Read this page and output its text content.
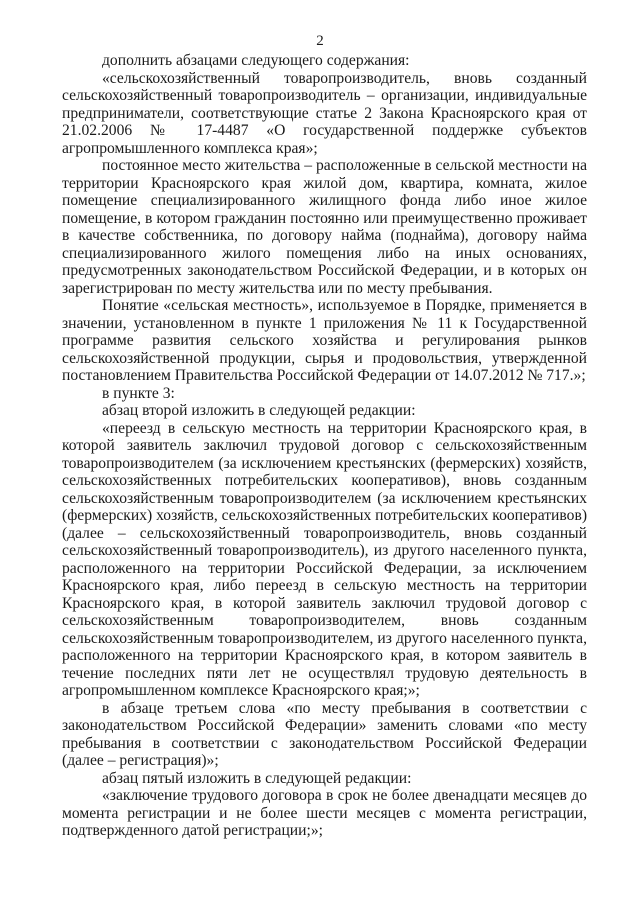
2

дополнить абзацами следующего содержания:

«сельскохозяйственный товаропроизводитель, вновь созданный сельскохозяйственный товаропроизводитель – организации, индивидуальные предприниматели, соответствующие статье 2 Закона Красноярского края от 21.02.2006 № 17-4487 «О государственной поддержке субъектов агропромышленного комплекса края»;

постоянное место жительства – расположенные в сельской местности на территории Красноярского края жилой дом, квартира, комната, жилое помещение специализированного жилищного фонда либо иное жилое помещение, в котором гражданин постоянно или преимущественно проживает в качестве собственника, по договору найма (поднайма), договору найма специализированного жилого помещения либо на иных основаниях, предусмотренных законодательством Российской Федерации, и в которых он зарегистрирован по месту жительства или по месту пребывания.

Понятие «сельская местность», используемое в Порядке, применяется в значении, установленном в пункте 1 приложения № 11 к Государственной программе развития сельского хозяйства и регулирования рынков сельскохозяйственной продукции, сырья и продовольствия, утвержденной постановлением Правительства Российской Федерации от 14.07.2012 № 717.»;

в пункте 3:

абзац второй изложить в следующей редакции:

«переезд в сельскую местность на территории Красноярского края, в которой заявитель заключил трудовой договор с сельскохозяйственным товаропроизводителем (за исключением крестьянских (фермерских) хозяйств, сельскохозяйственных потребительских кооперативов), вновь созданным сельскохозяйственным товаропроизводителем (за исключением крестьянских (фермерских) хозяйств, сельскохозяйственных потребительских кооперативов) (далее – сельскохозяйственный товаропроизводитель, вновь созданный сельскохозяйственный товаропроизводитель), из другого населенного пункта, расположенного на территории Российской Федерации, за исключением Красноярского края, либо переезд в сельскую местность на территории Красноярского края, в которой заявитель заключил трудовой договор с сельскохозяйственным товаропроизводителем, вновь созданным сельскохозяйственным товаропроизводителем, из другого населенного пункта, расположенного на территории Красноярского края, в котором заявитель в течение последних пяти лет не осуществлял трудовую деятельность в агропромышленном комплексе Красноярского края;»;

в абзаце третьем слова «по месту пребывания в соответствии с законодательством Российской Федерации» заменить словами «по месту пребывания в соответствии с законодательством Российской Федерации (далее – регистрация)»;

абзац пятый изложить в следующей редакции:

«заключение трудового договора в срок не более двенадцати месяцев до момента регистрации и не более шести месяцев с момента регистрации, подтвержденного датой регистрации;»;
